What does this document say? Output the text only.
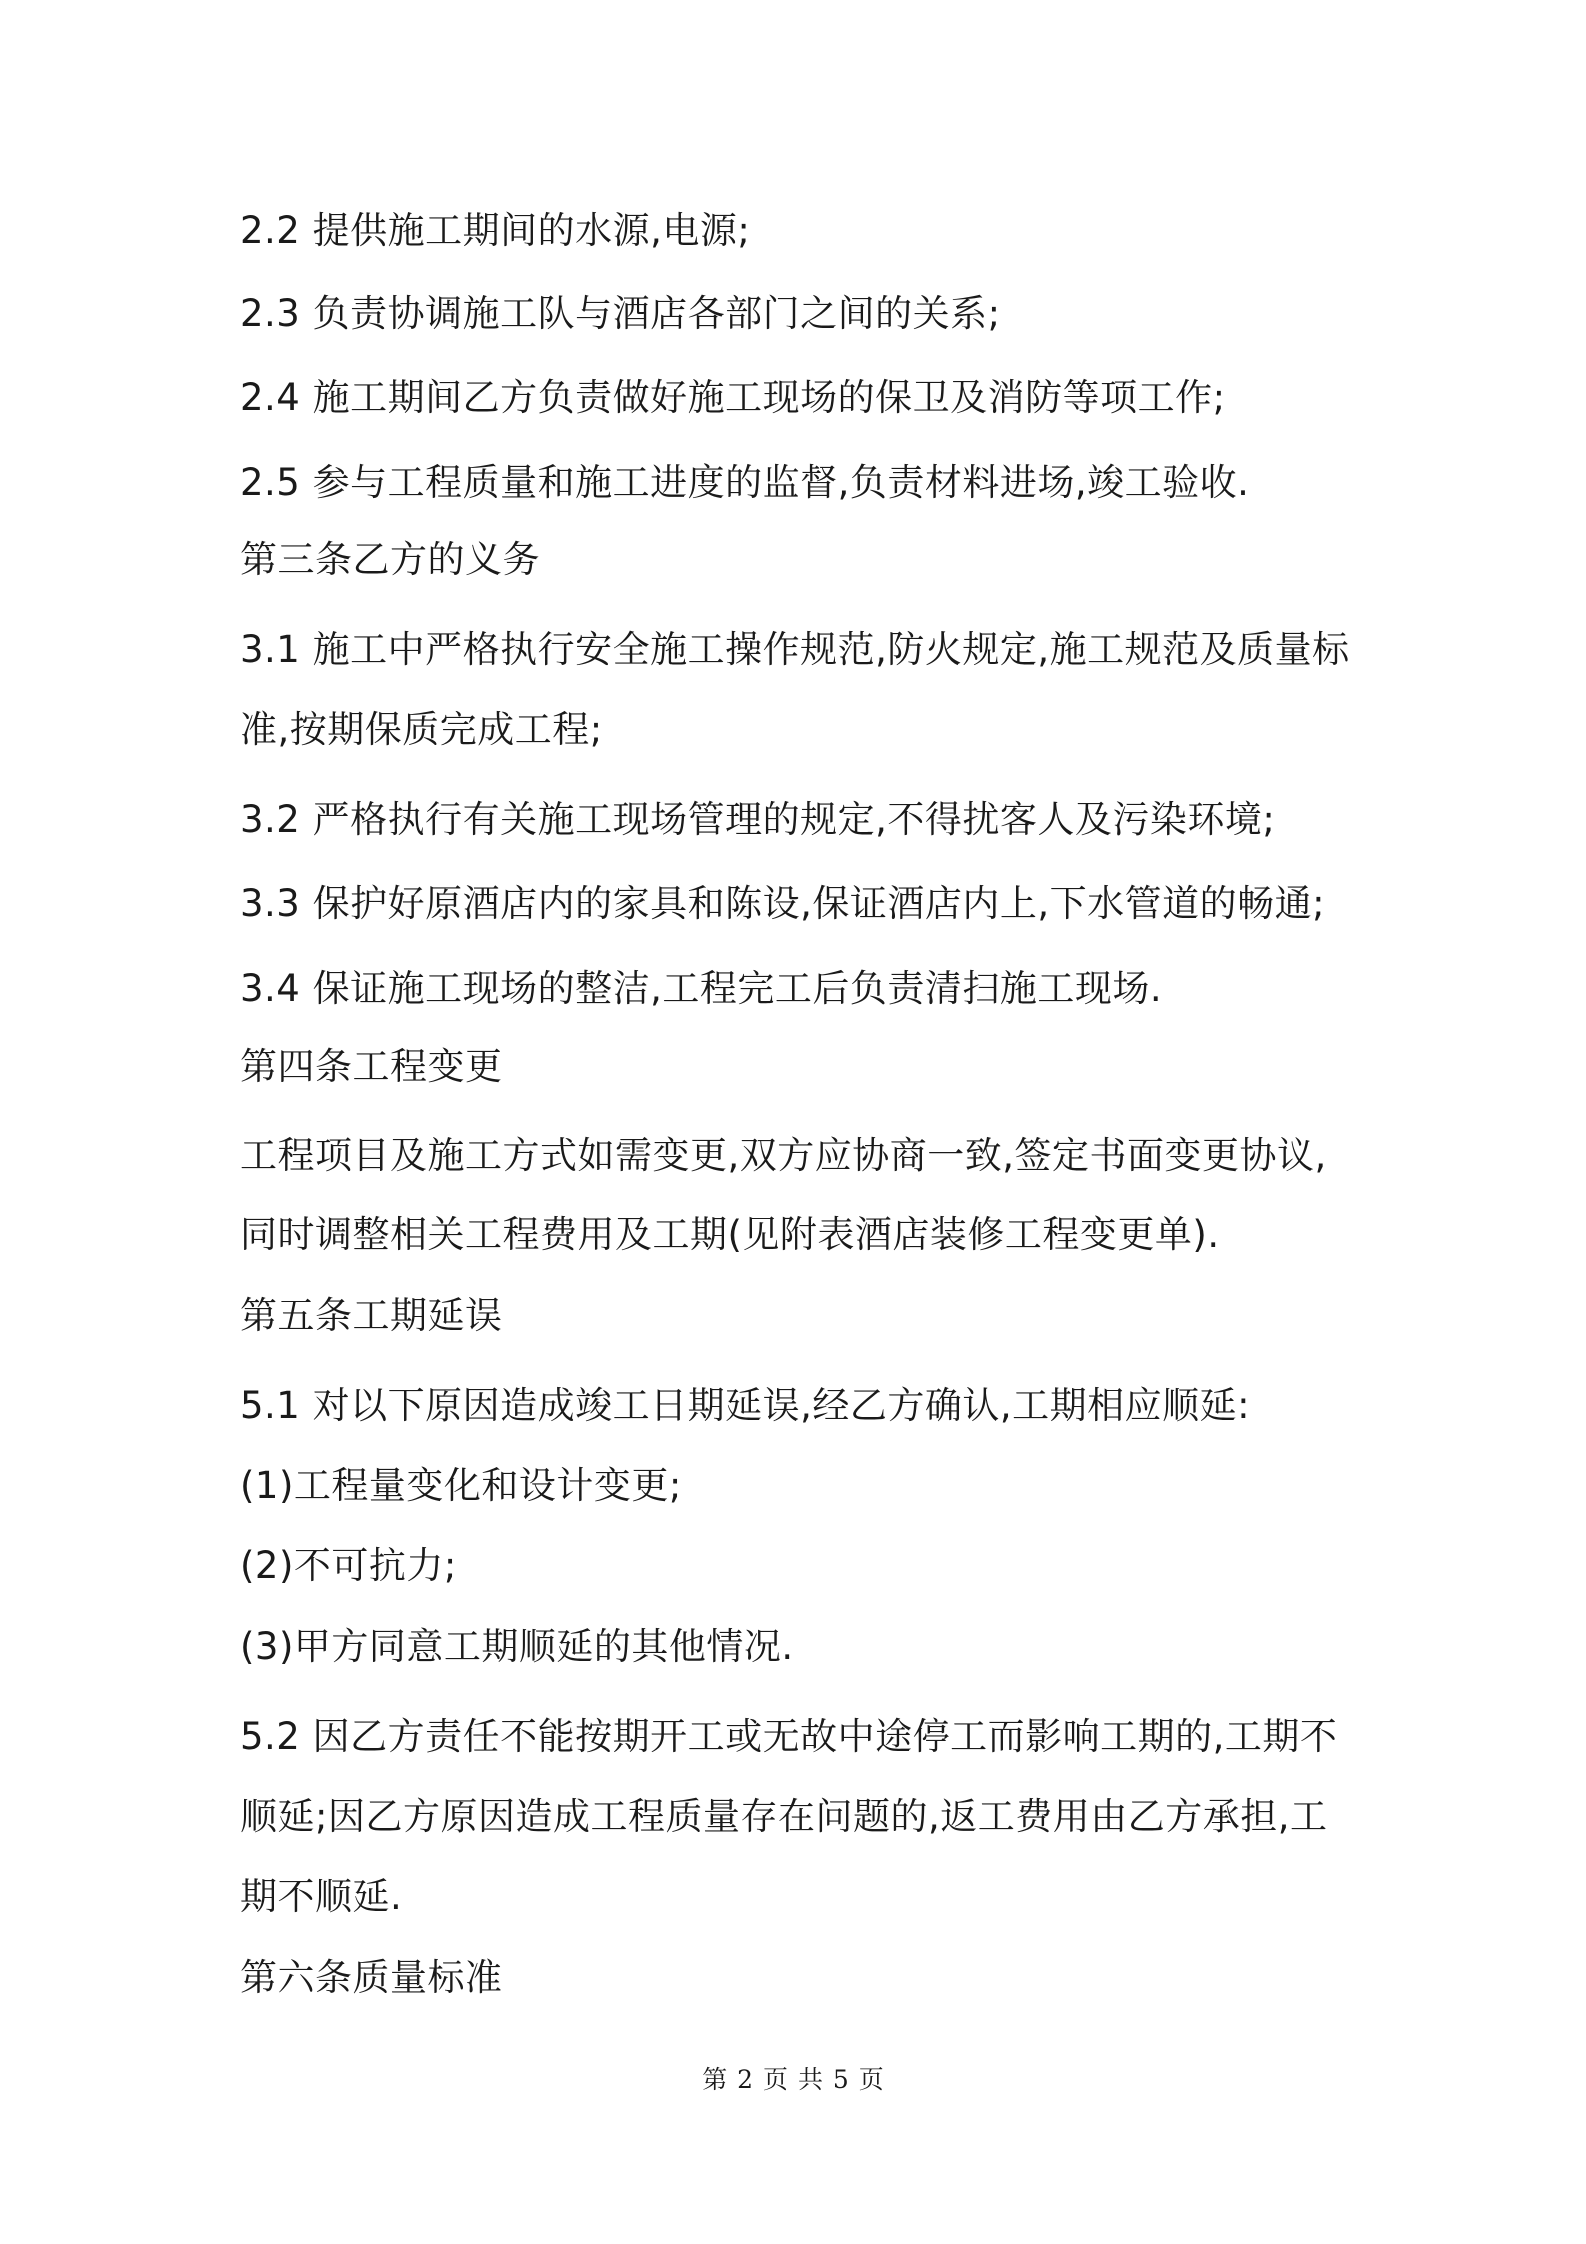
2.2 提供施工期间的水源,电源;
2.3 负责协调施工队与酒店各部门之间的关系;
2.4 施工期间乙方负责做好施工现场的保卫及消防等项工作;
2.5 参与工程质量和施工进度的监督,负责材料进场,竣工验收.
第三条乙方的义务
3.1 施工中严格执行安全施工操作规范,防火规定,施工规范及质量标
准,按期保质完成工程;
3.2 严格执行有关施工现场管理的规定,不得扰客人及污染环境;
3.3 保护好原酒店内的家具和陈设,保证酒店内上,下水管道的畅通;
3.4 保证施工现场的整洁,工程完工后负责清扫施工现场.
第四条工程变更
工程项目及施工方式如需变更,双方应协商一致,签定书面变更协议,
同时调整相关工程费用及工期(见附表酒店装修工程变更单).
第五条工期延误
5.1 对以下原因造成竣工日期延误,经乙方确认,工期相应顺延:
(1)工程量变化和设计变更;
(2)不可抗力;
(3)甲方同意工期顺延的其他情况.
5.2 因乙方责任不能按期开工或无故中途停工而影响工期的,工期不
顺延;因乙方原因造成工程质量存在问题的,返工费用由乙方承担,工
期不顺延.
第六条质量标准
第 2 页 共 5 页
